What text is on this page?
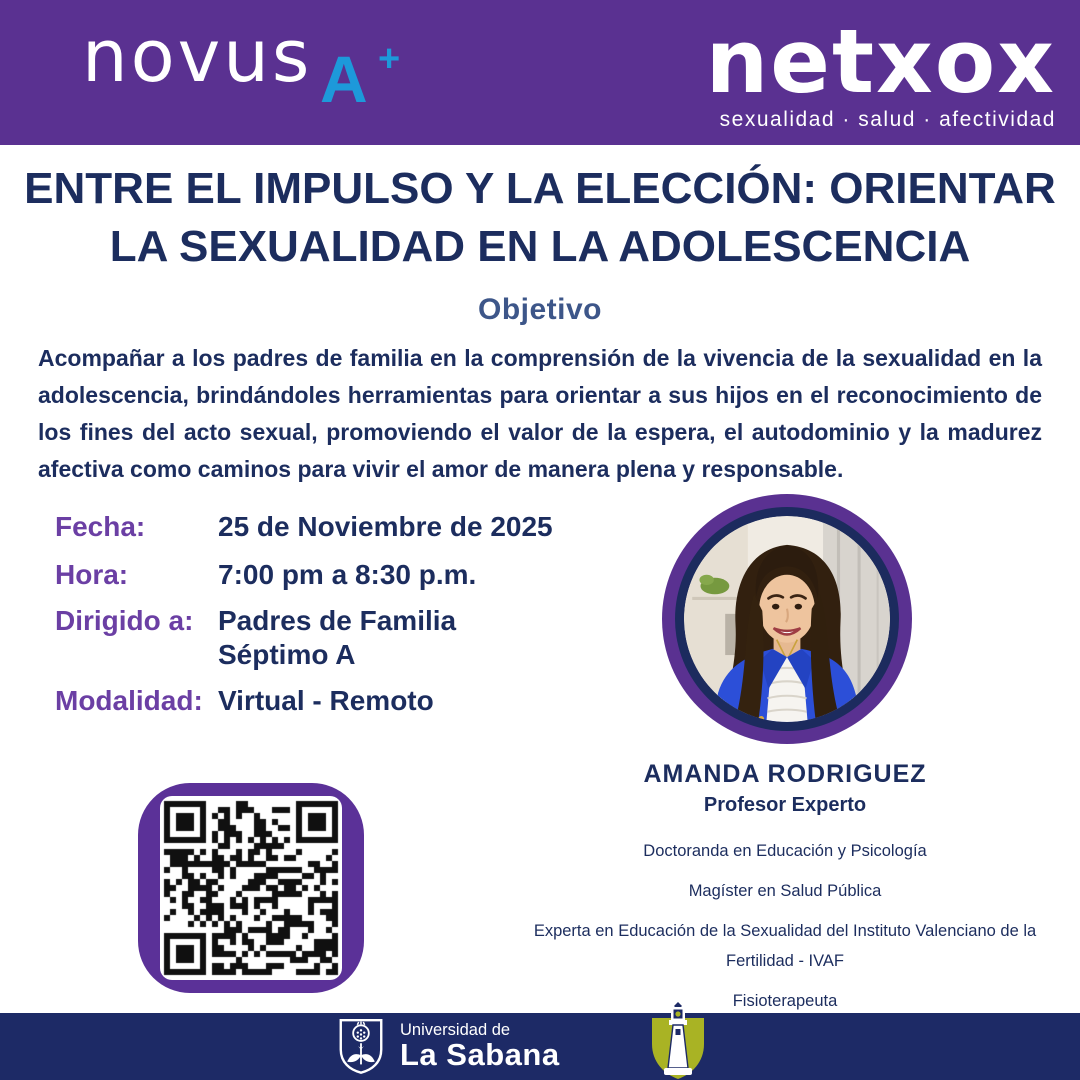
novus A +	netxox
sexualidad · salud · afectividad
ENTRE EL IMPULSO Y LA ELECCIÓN: ORIENTAR
LA SEXUALIDAD EN LA ADOLESCENCIA
Objetivo
Acompañar a los padres de familia en la comprensión de la vivencia de la sexualidad en la adolescencia, brindándoles herramientas para orientar a sus hijos en el reconocimiento de los fines del acto sexual, promoviendo el valor de la espera, el autodominio y la madurez afectiva como caminos para vivir el amor de manera plena y responsable.
Fecha:	25 de Noviembre de 2025
Hora:	7:00 pm a 8:30 p.m.
Dirigido a: Padres de Familia
Séptimo A
Modalidad: Virtual - Remoto
AMANDA RODRIGUEZ
Profesor Experto
Doctoranda en Educación y Psicología
Magíster en Salud Pública
Experta en Educación de la Sexualidad del Instituto Valenciano de la Fertilidad - IVAF
Fisioterapeuta
Universidad de
La Sabana
